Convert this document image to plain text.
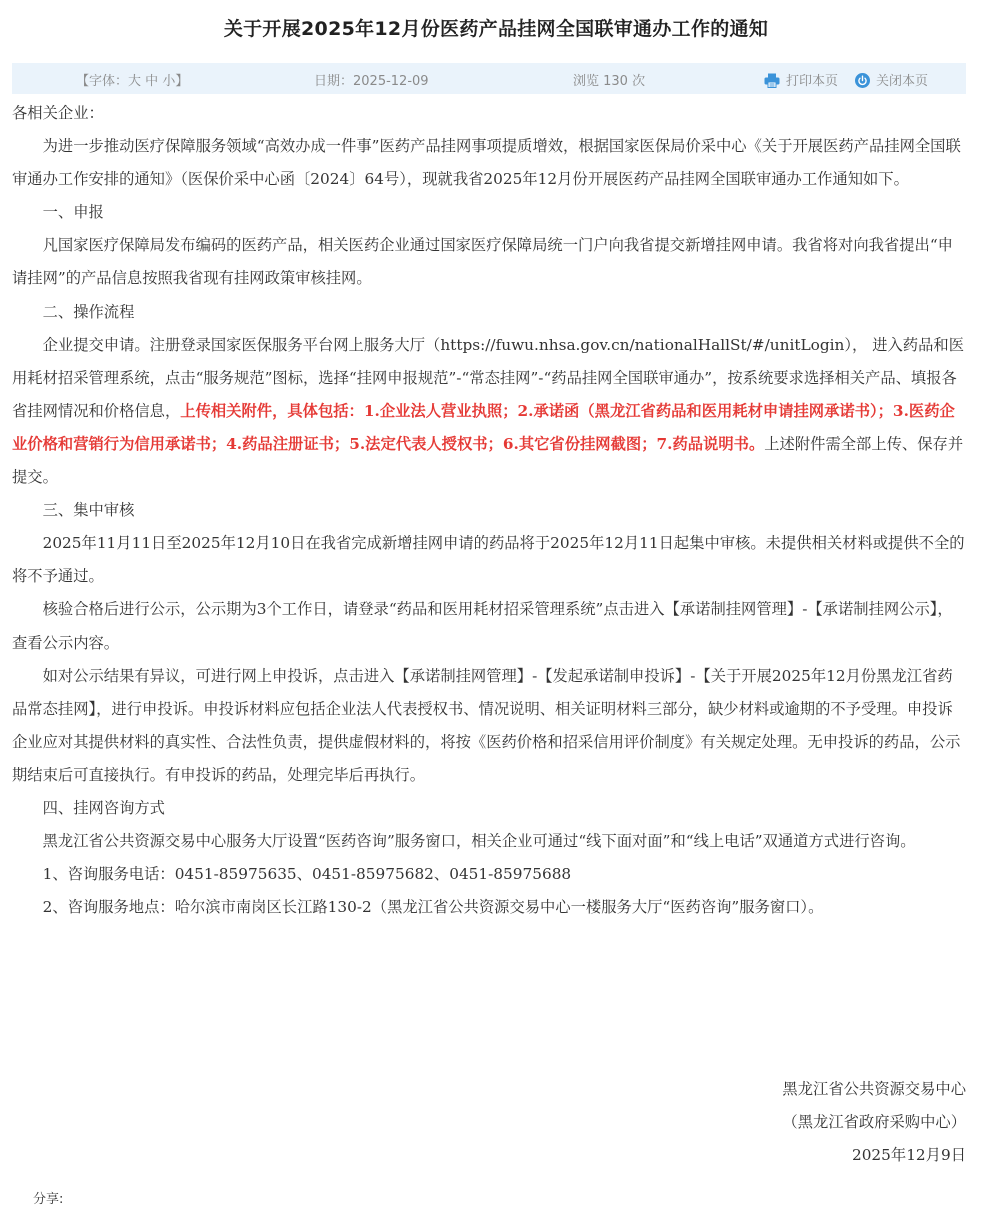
关于开展2025年12月份医药产品挂网全国联审通办工作的通知
【字体：大 中 小】	日期：2025-12-09	浏览 130 次	打印本页	关闭本页

各相关企业：

为进一步推动医疗保障服务领域“高效办成一件事”医药产品挂网事项提质增效，根据国家医保局价采中心《关于开展医药产品挂网全国联审通办工作安排的通知》（医保价采中心函〔2024〕64号），现就我省2025年12月份开展医药产品挂网全国联审通办工作通知如下。

一、申报

凡国家医疗保障局发布编码的医药产品，相关医药企业通过国家医疗保障局统一门户向我省提交新增挂网申请。我省将对向我省提出“申请挂网”的产品信息按照我省现有挂网政策审核挂网。

二、操作流程

企业提交申请。注册登录国家医保服务平台网上服务大厅（https://fuwu.nhsa.gov.cn/nationalHallSt/#/unitLogin）， 进入药品和医用耗材招采管理系统，点击“服务规范”图标，选择“挂网申报规范”-“常态挂网”-“药品挂网全国联审通办”，按系统要求选择相关产品、填报各省挂网情况和价格信息，上传相关附件，具体包括：1.企业法人营业执照；2.承诺函（黑龙江省药品和医用耗材申请挂网承诺书）；3.医药企业价格和营销行为信用承诺书；4.药品注册证书；5.法定代表人授权书；6.其它省份挂网截图；7.药品说明书。上述附件需全部上传、保存并提交。

三、集中审核

2025年11月11日至2025年12月10日在我省完成新增挂网申请的药品将于2025年12月11日起集中审核。未提供相关材料或提供不全的将不予通过。

核验合格后进行公示，公示期为3个工作日，请登录“药品和医用耗材招采管理系统”点击进入【承诺制挂网管理】-【承诺制挂网公示】，查看公示内容。

如对公示结果有异议，可进行网上申投诉，点击进入【承诺制挂网管理】-【发起承诺制申投诉】-【关于开展2025年12月份黑龙江省药品常态挂网】，进行申投诉。申投诉材料应包括企业法人代表授权书、情况说明、相关证明材料三部分，缺少材料或逾期的不予受理。申投诉企业应对其提供材料的真实性、合法性负责，提供虚假材料的，将按《医药价格和招采信用评价制度》有关规定处理。无申投诉的药品，公示期结束后可直接执行。有申投诉的药品，处理完毕后再执行。

四、挂网咨询方式

黑龙江省公共资源交易中心服务大厅设置“医药咨询”服务窗口，相关企业可通过“线下面对面”和“线上电话”双通道方式进行咨询。

1、咨询服务电话：0451-85975635、0451-85975682、0451-85975688

2、咨询服务地点：哈尔滨市南岗区长江路130-2（黑龙江省公共资源交易中心一楼服务大厅“医药咨询”服务窗口）。

黑龙江省公共资源交易中心
（黑龙江省政府采购中心）
2025年12月9日
分享:
